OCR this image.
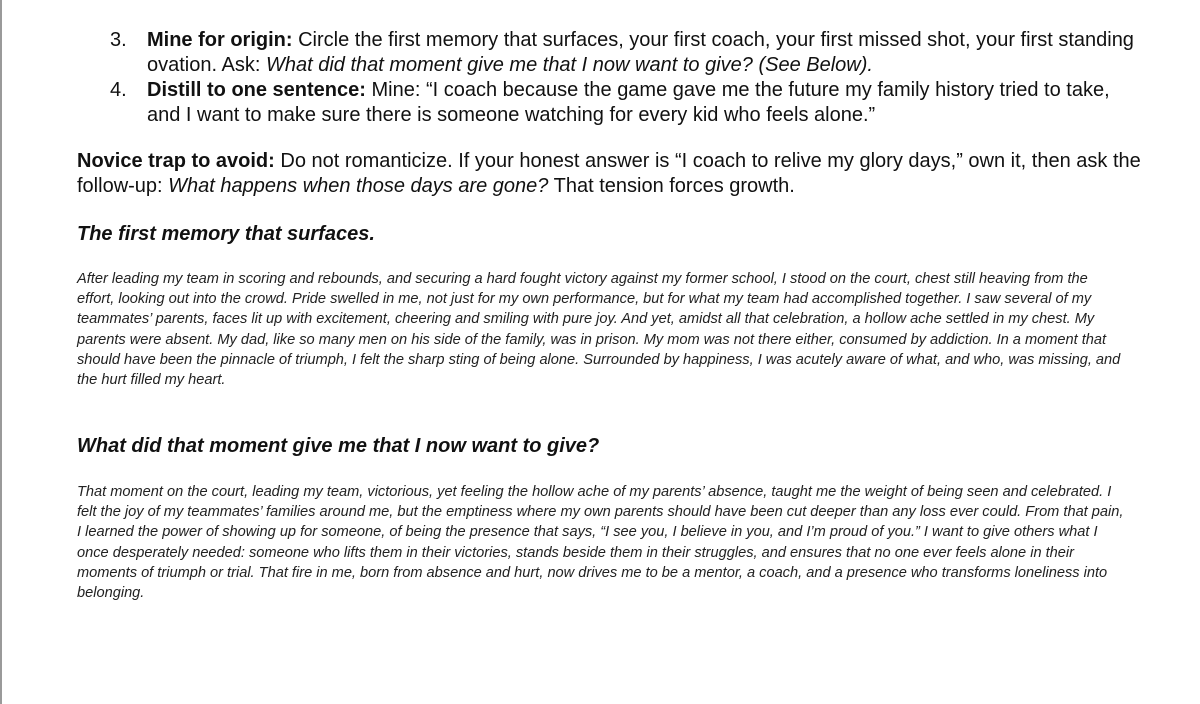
3. Mine for origin: Circle the first memory that surfaces, your first coach, your first missed shot, your first standing ovation. Ask: What did that moment give me that I now want to give? (See Below).
4. Distill to one sentence: Mine: “I coach because the game gave me the future my family history tried to take, and I want to make sure there is someone watching for every kid who feels alone.”

Novice trap to avoid: Do not romanticize. If your honest answer is “I coach to relive my glory days,” own it, then ask the follow-up: What happens when those days are gone? That tension forces growth.

The first memory that surfaces.

After leading my team in scoring and rebounds, and securing a hard fought victory against my former school, I stood on the court, chest still heaving from the effort, looking out into the crowd. Pride swelled in me, not just for my own performance, but for what my team had accomplished together. I saw several of my teammates’ parents, faces lit up with excitement, cheering and smiling with pure joy. And yet, amidst all that celebration, a hollow ache settled in my chest. My parents were absent. My dad, like so many men on his side of the family, was in prison. My mom was not there either, consumed by addiction. In a moment that should have been the pinnacle of triumph, I felt the sharp sting of being alone. Surrounded by happiness, I was acutely aware of what, and who, was missing, and the hurt filled my heart.

What did that moment give me that I now want to give?

That moment on the court, leading my team, victorious, yet feeling the hollow ache of my parents’ absence, taught me the weight of being seen and celebrated. I felt the joy of my teammates’ families around me, but the emptiness where my own parents should have been cut deeper than any loss ever could. From that pain, I learned the power of showing up for someone, of being the presence that says, “I see you, I believe in you, and I’m proud of you.” I want to give others what I once desperately needed: someone who lifts them in their victories, stands beside them in their struggles, and ensures that no one ever feels alone in their moments of triumph or trial. That fire in me, born from absence and hurt, now drives me to be a mentor, a coach, and a presence who transforms loneliness into belonging.
